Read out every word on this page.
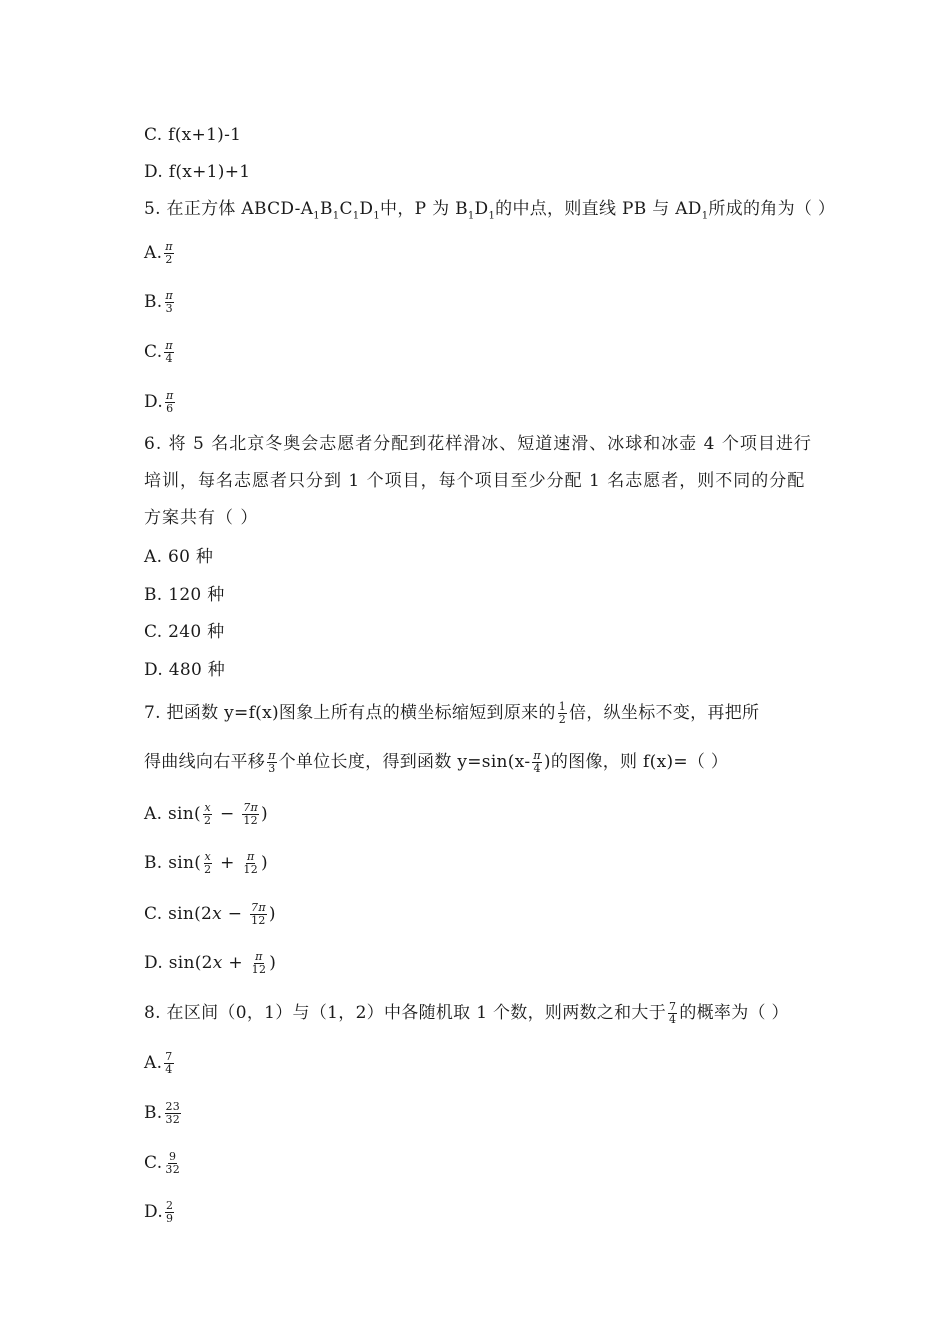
C. f(x+1)-1
D. f(x+1)+1
5. 在正方体 ABCD-$A_1B_1C_1D_1$中，P 为 $B_1D_1$的中点，则直线 PB 与 $AD_1$所成的角为（ ）
A. $\frac{\pi}{2}$
B. $\frac{\pi}{3}$
C. $\frac{\pi}{4}$
D. $\frac{\pi}{6}$
6. 将 5 名北京冬奥会志愿者分配到花样滑冰、短道速滑、冰球和冰壶 4 个项目进行培训，每名志愿者只分到 1 个项目，每个项目至少分配 1 名志愿者，则不同的分配方案共有（ ）
A. 60 种
B. 120 种
C. 240 种
D. 480 种
7. 把函数 y=f(x)图象上所有点的横坐标缩短到原来的 $\frac{1}{2}$ 倍，纵坐标不变，再把所
得曲线向右平移 $\frac{\pi}{3}$ 个单位长度，得到函数 $y=\sin(x- \frac{\pi}{4}$ )的图像，则 f(x)=（ ）
A. $\sin( \frac{x}{2} - \frac{7\pi}{12}$ )
B. $\sin( \frac{x}{2} + \frac{\pi}{12}$ )
C. $\sin(2x - \frac{7\pi}{12}$ )
D. $\sin(2x + \frac{\pi}{12}$ )
8. 在区间（0，1）与（1，2）中各随机取 1 个数，则两数之和大于 $\frac{7}{4}$ 的概率为（ ）
A. $\frac{7}{4}$
B. $\frac{23}{32}$
C. $\frac{9}{32}$
D. $\frac{2}{9}$
